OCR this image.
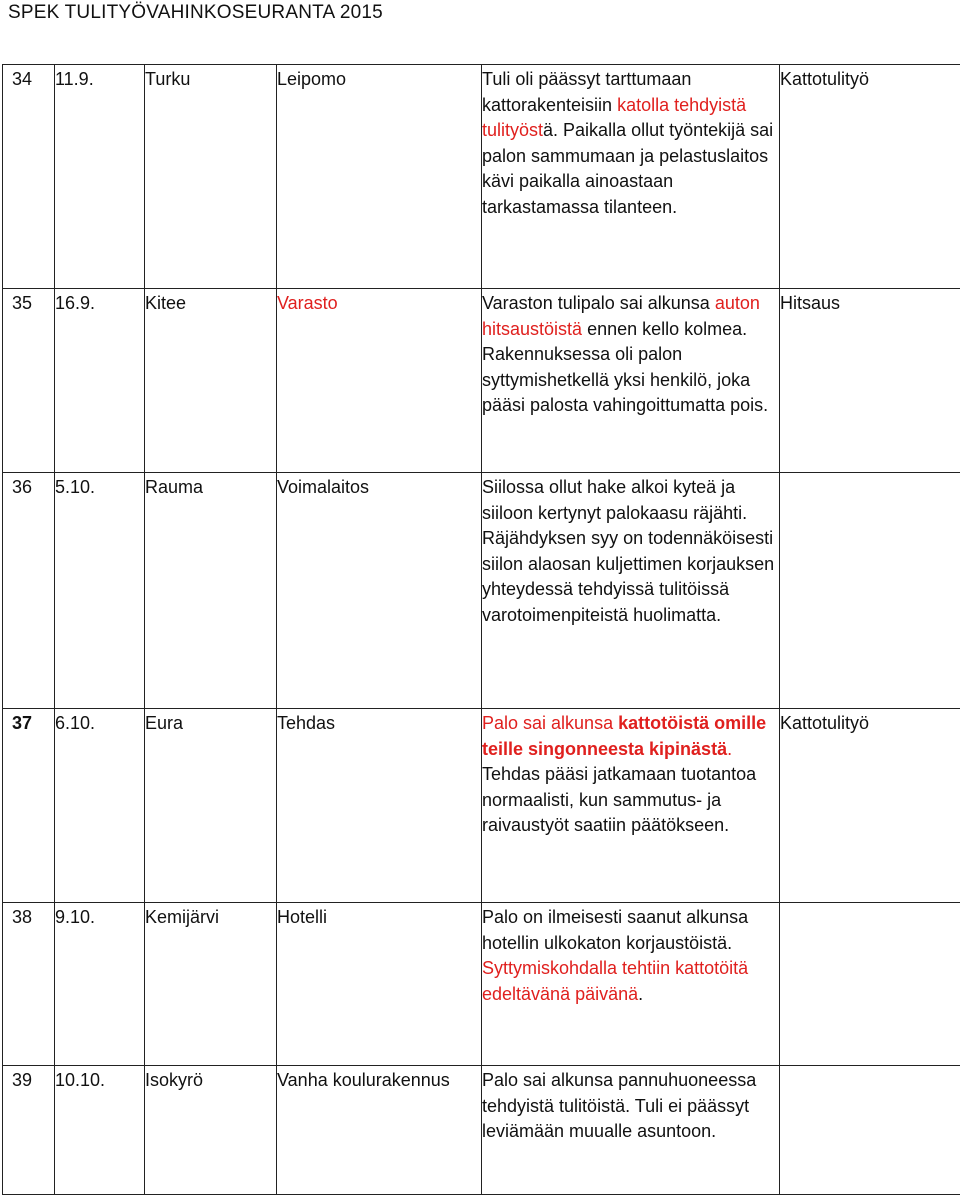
SPEK TULITYÖVAHINKOSEURANTA 2015
34	11.9.	Turku	Leipomo	Tuli oli päässyt tarttumaan kattorakenteisiin katolla tehdyistä tulityöstä. Paikalla ollut työntekijä sai palon sammumaan ja pelastuslaitos kävi paikalla ainoastaan tarkastamassa tilanteen.	Kattotulityö

35	16.9.	Kitee	Varasto	Varaston tulipalo sai alkunsa auton hitsaustöistä ennen kello kolmea. Rakennuksessa oli palon syttymishetkellä yksi henkilö, joka pääsi palosta vahingoittumatta pois.	Hitsaus

36	5.10.	Rauma	Voimalaitos	Siilossa ollut hake alkoi kyteä ja siiloon kertynyt palokaasu räjähti. Räjähdyksen syy on todennäköisesti siilon alaosan kuljettimen korjauksen yhteydessä tehdyissä tulitöissä varotoimenpiteistä huolimatta.	

37	6.10.	Eura	Tehdas	Palo sai alkunsa kattotöistä omille teille singonneesta kipinästä. Tehdas pääsi jatkamaan tuotantoa normaalisti, kun sammutus- ja raivaustyöt saatiin päätökseen.	Kattotulityö

38	9.10.	Kemijärvi	Hotelli	Palo on ilmeisesti saanut alkunsa hotellin ulkokaton korjaustöistä. Syttymiskohdalla tehtiin kattotöitä edeltävänä päivänä.	

39	10.10.	Isokyrö	Vanha koulurakennus	Palo sai alkunsa pannuhuoneessa tehdyistä tulitöistä. Tuli ei päässyt leviämään muualle asuntoon.	
